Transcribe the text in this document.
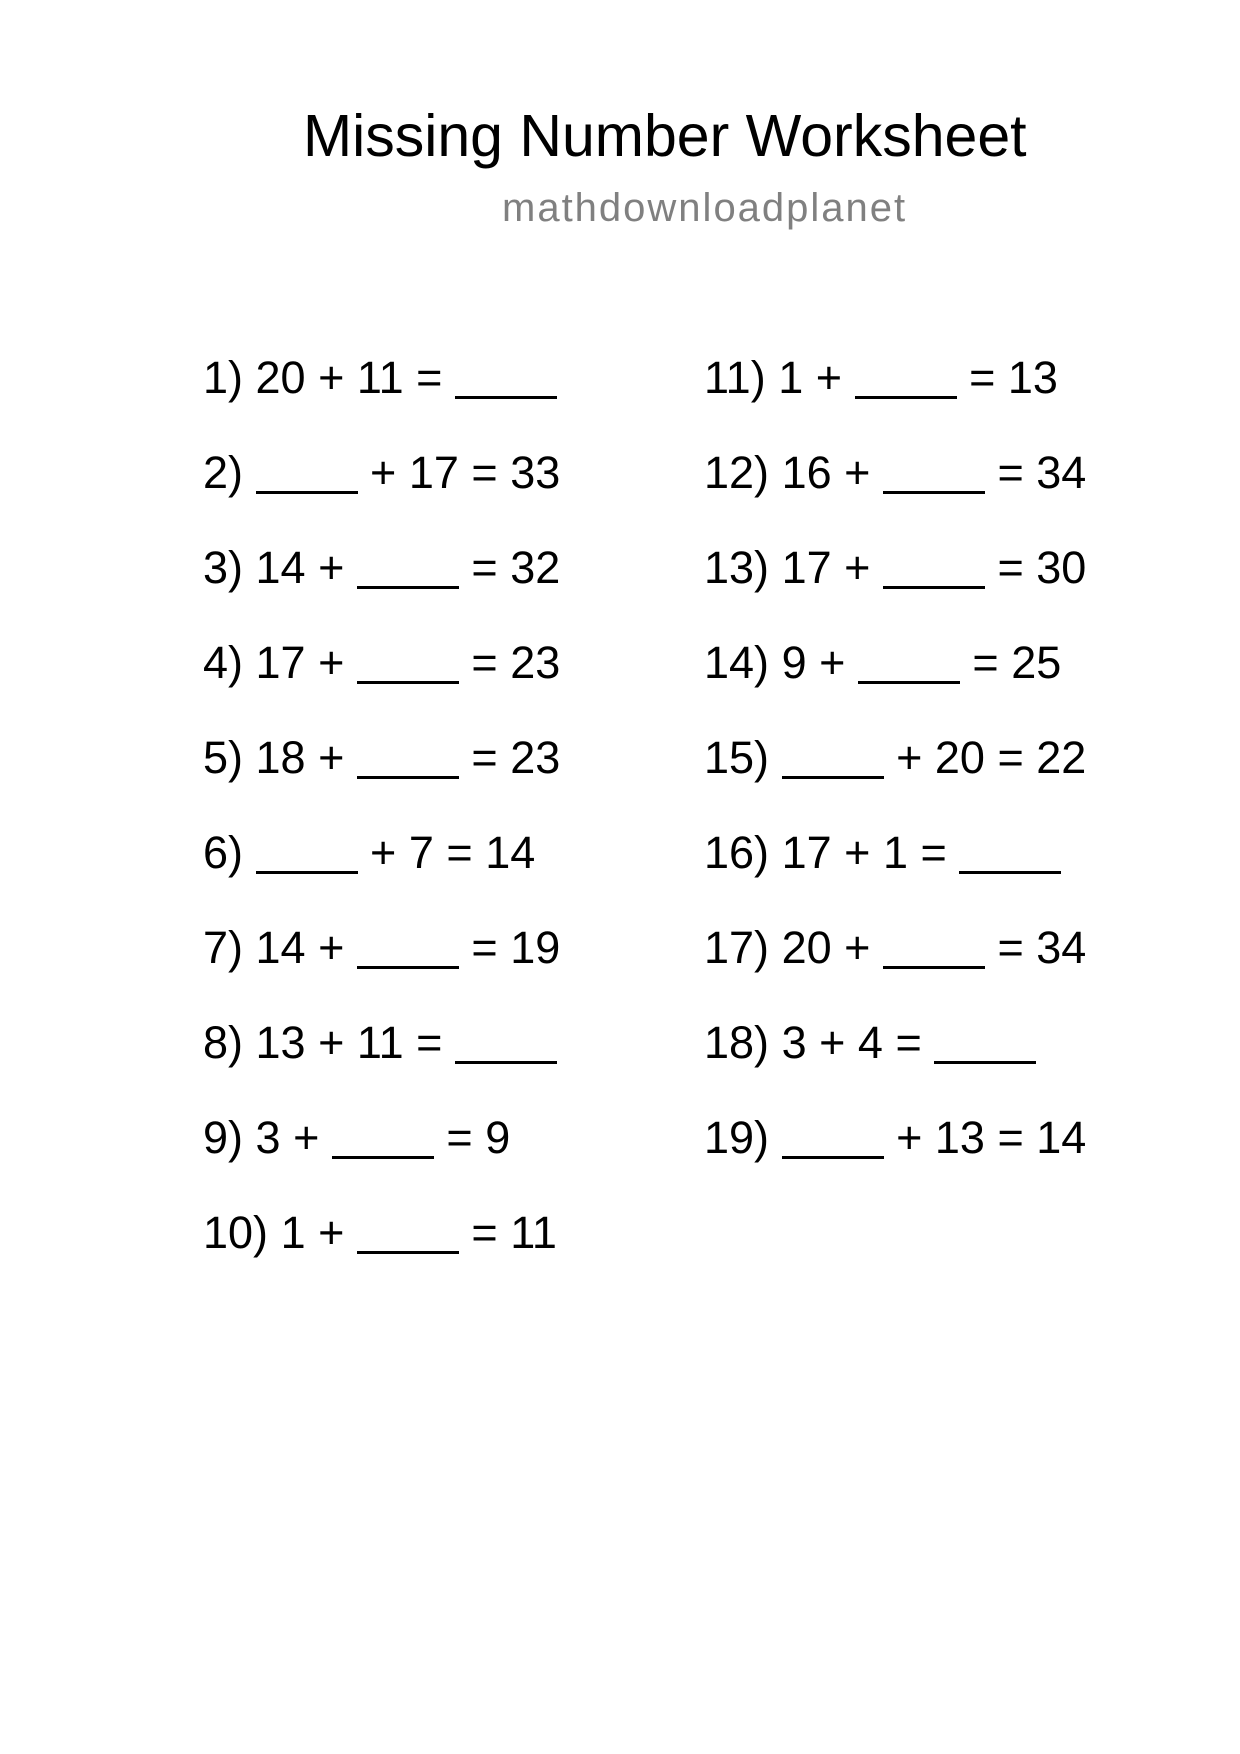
Missing Number Worksheet
mathdownloadplanet
1) 20 + 11 =
2)	+ 17 = 33
3) 14 +	= 32
4) 17 +	= 23
5) 18 +	= 23
6)	+ 7 = 14
7) 14 +	= 19
8) 13 + 11 =
9) 3 +	= 9
10) 1 +	= 11
11) 1 +	= 13
12) 16 +	= 34
13) 17 +	= 30
14) 9 +	= 25
15)	+ 20 = 22
16) 17 + 1 =
17) 20 +	= 34
18) 3 + 4 =
19)	+ 13 = 14
